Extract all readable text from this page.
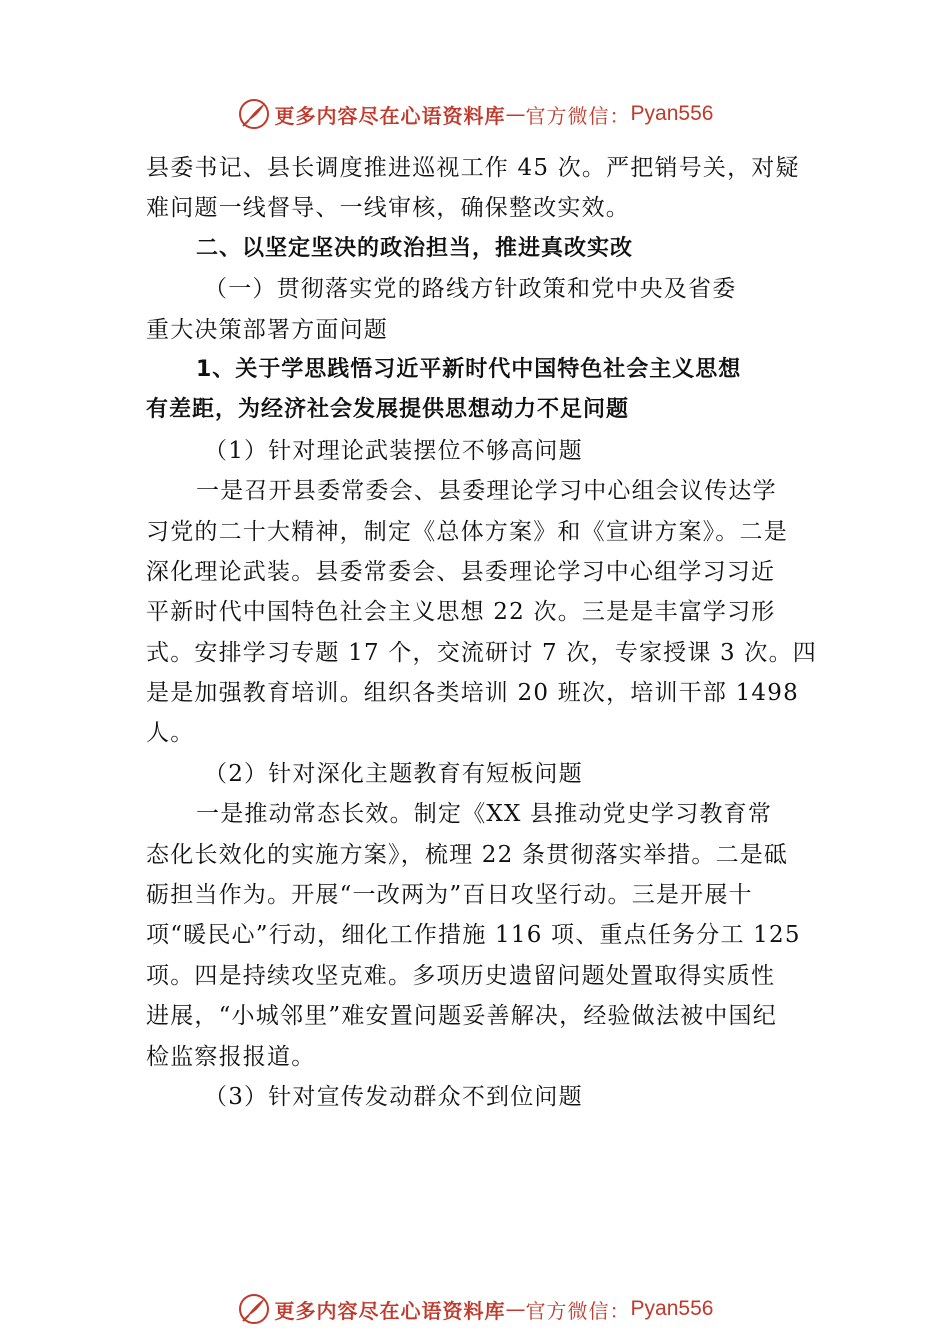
更多内容尽在心语资料库 — 官方微信： Pyan556
县委书记、县长调度推进巡视工作 45 次。严把销号关，对疑
难问题一线督导、一线审核，确保整改实效。
二、以坚定坚决的政治担当，推进真改实改
（一）贯彻落实党的路线方针政策和党中央及省委
重大决策部署方面问题
1、关于学思践悟习近平新时代中国特色社会主义思想
有差距，为经济社会发展提供思想动力不足问题
（1）针对理论武装摆位不够高问题
一是召开县委常委会、县委理论学习中心组会议传达学
习党的二十大精神，制定《总体方案》和《宣讲方案》。二是
深化理论武装。县委常委会、县委理论学习中心组学习习近
平新时代中国特色社会主义思想 22 次。三是是丰富学习形
式。安排学习专题 17 个，交流研讨 7 次，专家授课 3 次。四
是是加强教育培训。组织各类培训 20 班次，培训干部 1498
人。
（2）针对深化主题教育有短板问题
一是推动常态长效。制定《XX 县推动党史学习教育常
态化长效化的实施方案》，梳理 22 条贯彻落实举措。二是砥
砺担当作为。开展“一改两为”百日攻坚行动。三是开展十
项“暖民心”行动，细化工作措施 116 项、重点任务分工 125
项。四是持续攻坚克难。多项历史遗留问题处置取得实质性
进展，“小城邻里”难安置问题妥善解决，经验做法被中国纪
检监察报报道。
（3）针对宣传发动群众不到位问题
更多内容尽在心语资料库 — 官方微信： Pyan556
